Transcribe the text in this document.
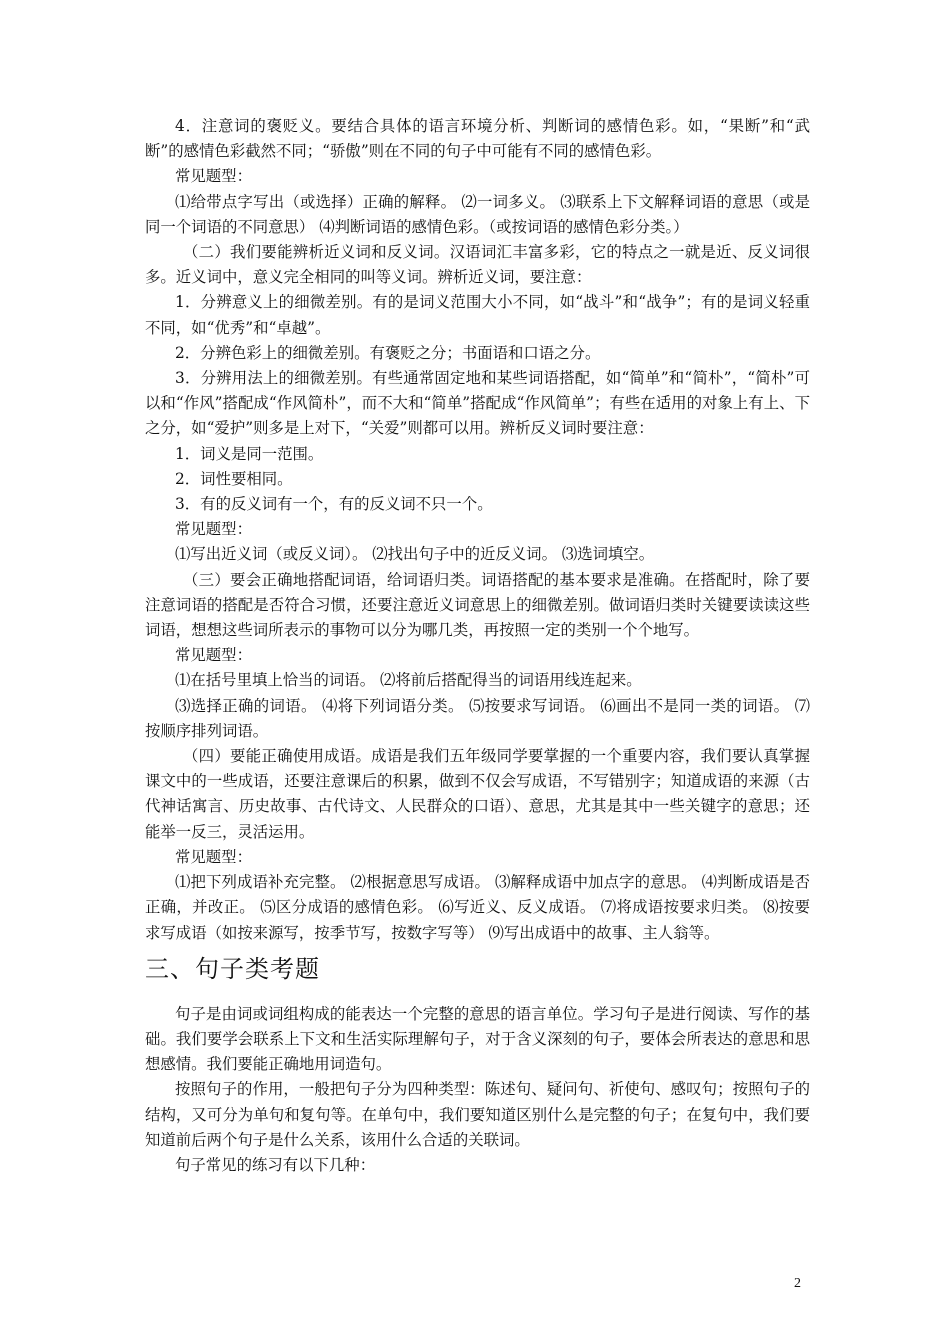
4．注意词的褒贬义。要结合具体的语言环境分析、判断词的感情色彩。如，“果断”和“武断”的感情色彩截然不同；“骄傲”则在不同的句子中可能有不同的感情色彩。

常见题型：

⑴给带点字写出（或选择）正确的解释。 ⑵一词多义。 ⑶联系上下文解释词语的意思（或是同一个词语的不同意思） ⑷判断词语的感情色彩。（或按词语的感情色彩分类。）

（二）我们要能辨析近义词和反义词。汉语词汇丰富多彩，它的特点之一就是近、反义词很多。近义词中，意义完全相同的叫等义词。辨析近义词，要注意：

1．分辨意义上的细微差别。有的是词义范围大小不同，如“战斗”和“战争”；有的是词义轻重不同，如“优秀”和“卓越”。

2．分辨色彩上的细微差别。有褒贬之分；书面语和口语之分。

3．分辨用法上的细微差别。有些通常固定地和某些词语搭配，如“简单”和“简朴”，“简朴”可以和“作风”搭配成“作风简朴”，而不大和“简单”搭配成“作风简单”；有些在适用的对象上有上、下之分，如“爱护”则多是上对下，“关爱”则都可以用。辨析反义词时要注意：

1．词义是同一范围。

2．词性要相同。

3．有的反义词有一个，有的反义词不只一个。

常见题型：

⑴写出近义词（或反义词）。 ⑵找出句子中的近反义词。 ⑶选词填空。

（三）要会正确地搭配词语，给词语归类。词语搭配的基本要求是准确。在搭配时，除了要注意词语的搭配是否符合习惯，还要注意近义词意思上的细微差别。做词语归类时关键要读读这些词语，想想这些词所表示的事物可以分为哪几类，再按照一定的类别一个个地写。

常见题型：

⑴在括号里填上恰当的词语。 ⑵将前后搭配得当的词语用线连起来。

⑶选择正确的词语。 ⑷将下列词语分类。 ⑸按要求写词语。 ⑹画出不是同一类的词语。 ⑺按顺序排列词语。

（四）要能正确使用成语。成语是我们五年级同学要掌握的一个重要内容，我们要认真掌握课文中的一些成语，还要注意课后的积累，做到不仅会写成语，不写错别字；知道成语的来源（古代神话寓言、历史故事、古代诗文、人民群众的口语）、意思，尤其是其中一些关键字的意思；还能举一反三，灵活运用。

常见题型：

⑴把下列成语补充完整。 ⑵根据意思写成语。 ⑶解释成语中加点字的意思。 ⑷判断成语是否正确，并改正。 ⑸区分成语的感情色彩。 ⑹写近义、反义成语。 ⑺将成语按要求归类。 ⑻按要求写成语（如按来源写，按季节写，按数字写等） ⑼写出成语中的故事、主人翁等。

三、句子类考题

句子是由词或词组构成的能表达一个完整的意思的语言单位。学习句子是进行阅读、写作的基础。我们要学会联系上下文和生活实际理解句子，对于含义深刻的句子，要体会所表达的意思和思想感情。我们要能正确地用词造句。

按照句子的作用，一般把句子分为四种类型：陈述句、疑问句、祈使句、感叹句；按照句子的结构，又可分为单句和复句等。在单句中，我们要知道区别什么是完整的句子；在复句中，我们要知道前后两个句子是什么关系，该用什么合适的关联词。

句子常见的练习有以下几种：

2
